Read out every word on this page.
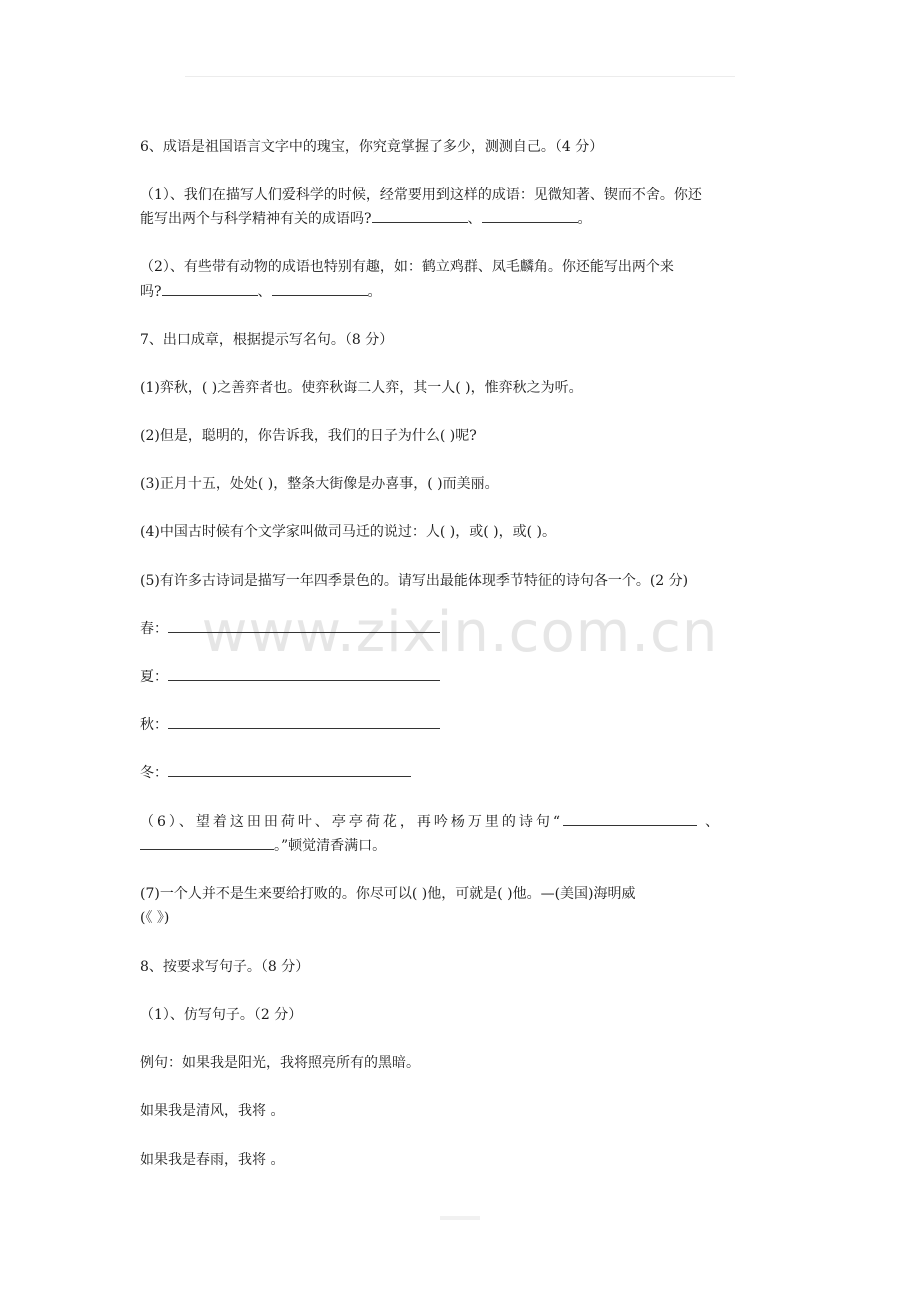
www.zixin.com.cn
6、成语是祖国语言文字中的瑰宝，你究竟掌握了多少，测测自己。（4 分）
（1）、我们在描写人们爱科学的时候，经常要用到这样的成语：见微知著、锲而不舍。你还
能写出两个与科学精神有关的成语吗?	、	。
（2）、有些带有动物的成语也特别有趣，如：鹤立鸡群、凤毛麟角。你还能写出两个来
吗?	、	。
7、出口成章，根据提示写名句。（8 分）
(1)弈秋，( )之善弈者也。使弈秋诲二人弈，其一人( )，惟弈秋之为听。
(2)但是，聪明的，你告诉我，我们的日子为什么( )呢?
(3)正月十五，处处( )，整条大街像是办喜事，( )而美丽。
(4)中国古时候有个文学家叫做司马迁的说过：人( )，或( )，或( )。
(5)有许多古诗词是描写一年四季景色的。请写出最能体现季节特征的诗句各一个。(2 分)
春：
夏：
秋：
冬：
（6）、望着这田田荷叶、亭亭荷花，再吟杨万里的诗句“	、
。”顿觉清香满口。
(7)一个人并不是生来要给打败的。你尽可以( )他，可就是( )他。—(美国)海明威
(《 》)
8、按要求写句子。（8 分）
（1）、仿写句子。（2 分）
例句：如果我是阳光，我将照亮所有的黑暗。
如果我是清风，我将 。
如果我是春雨，我将 。
